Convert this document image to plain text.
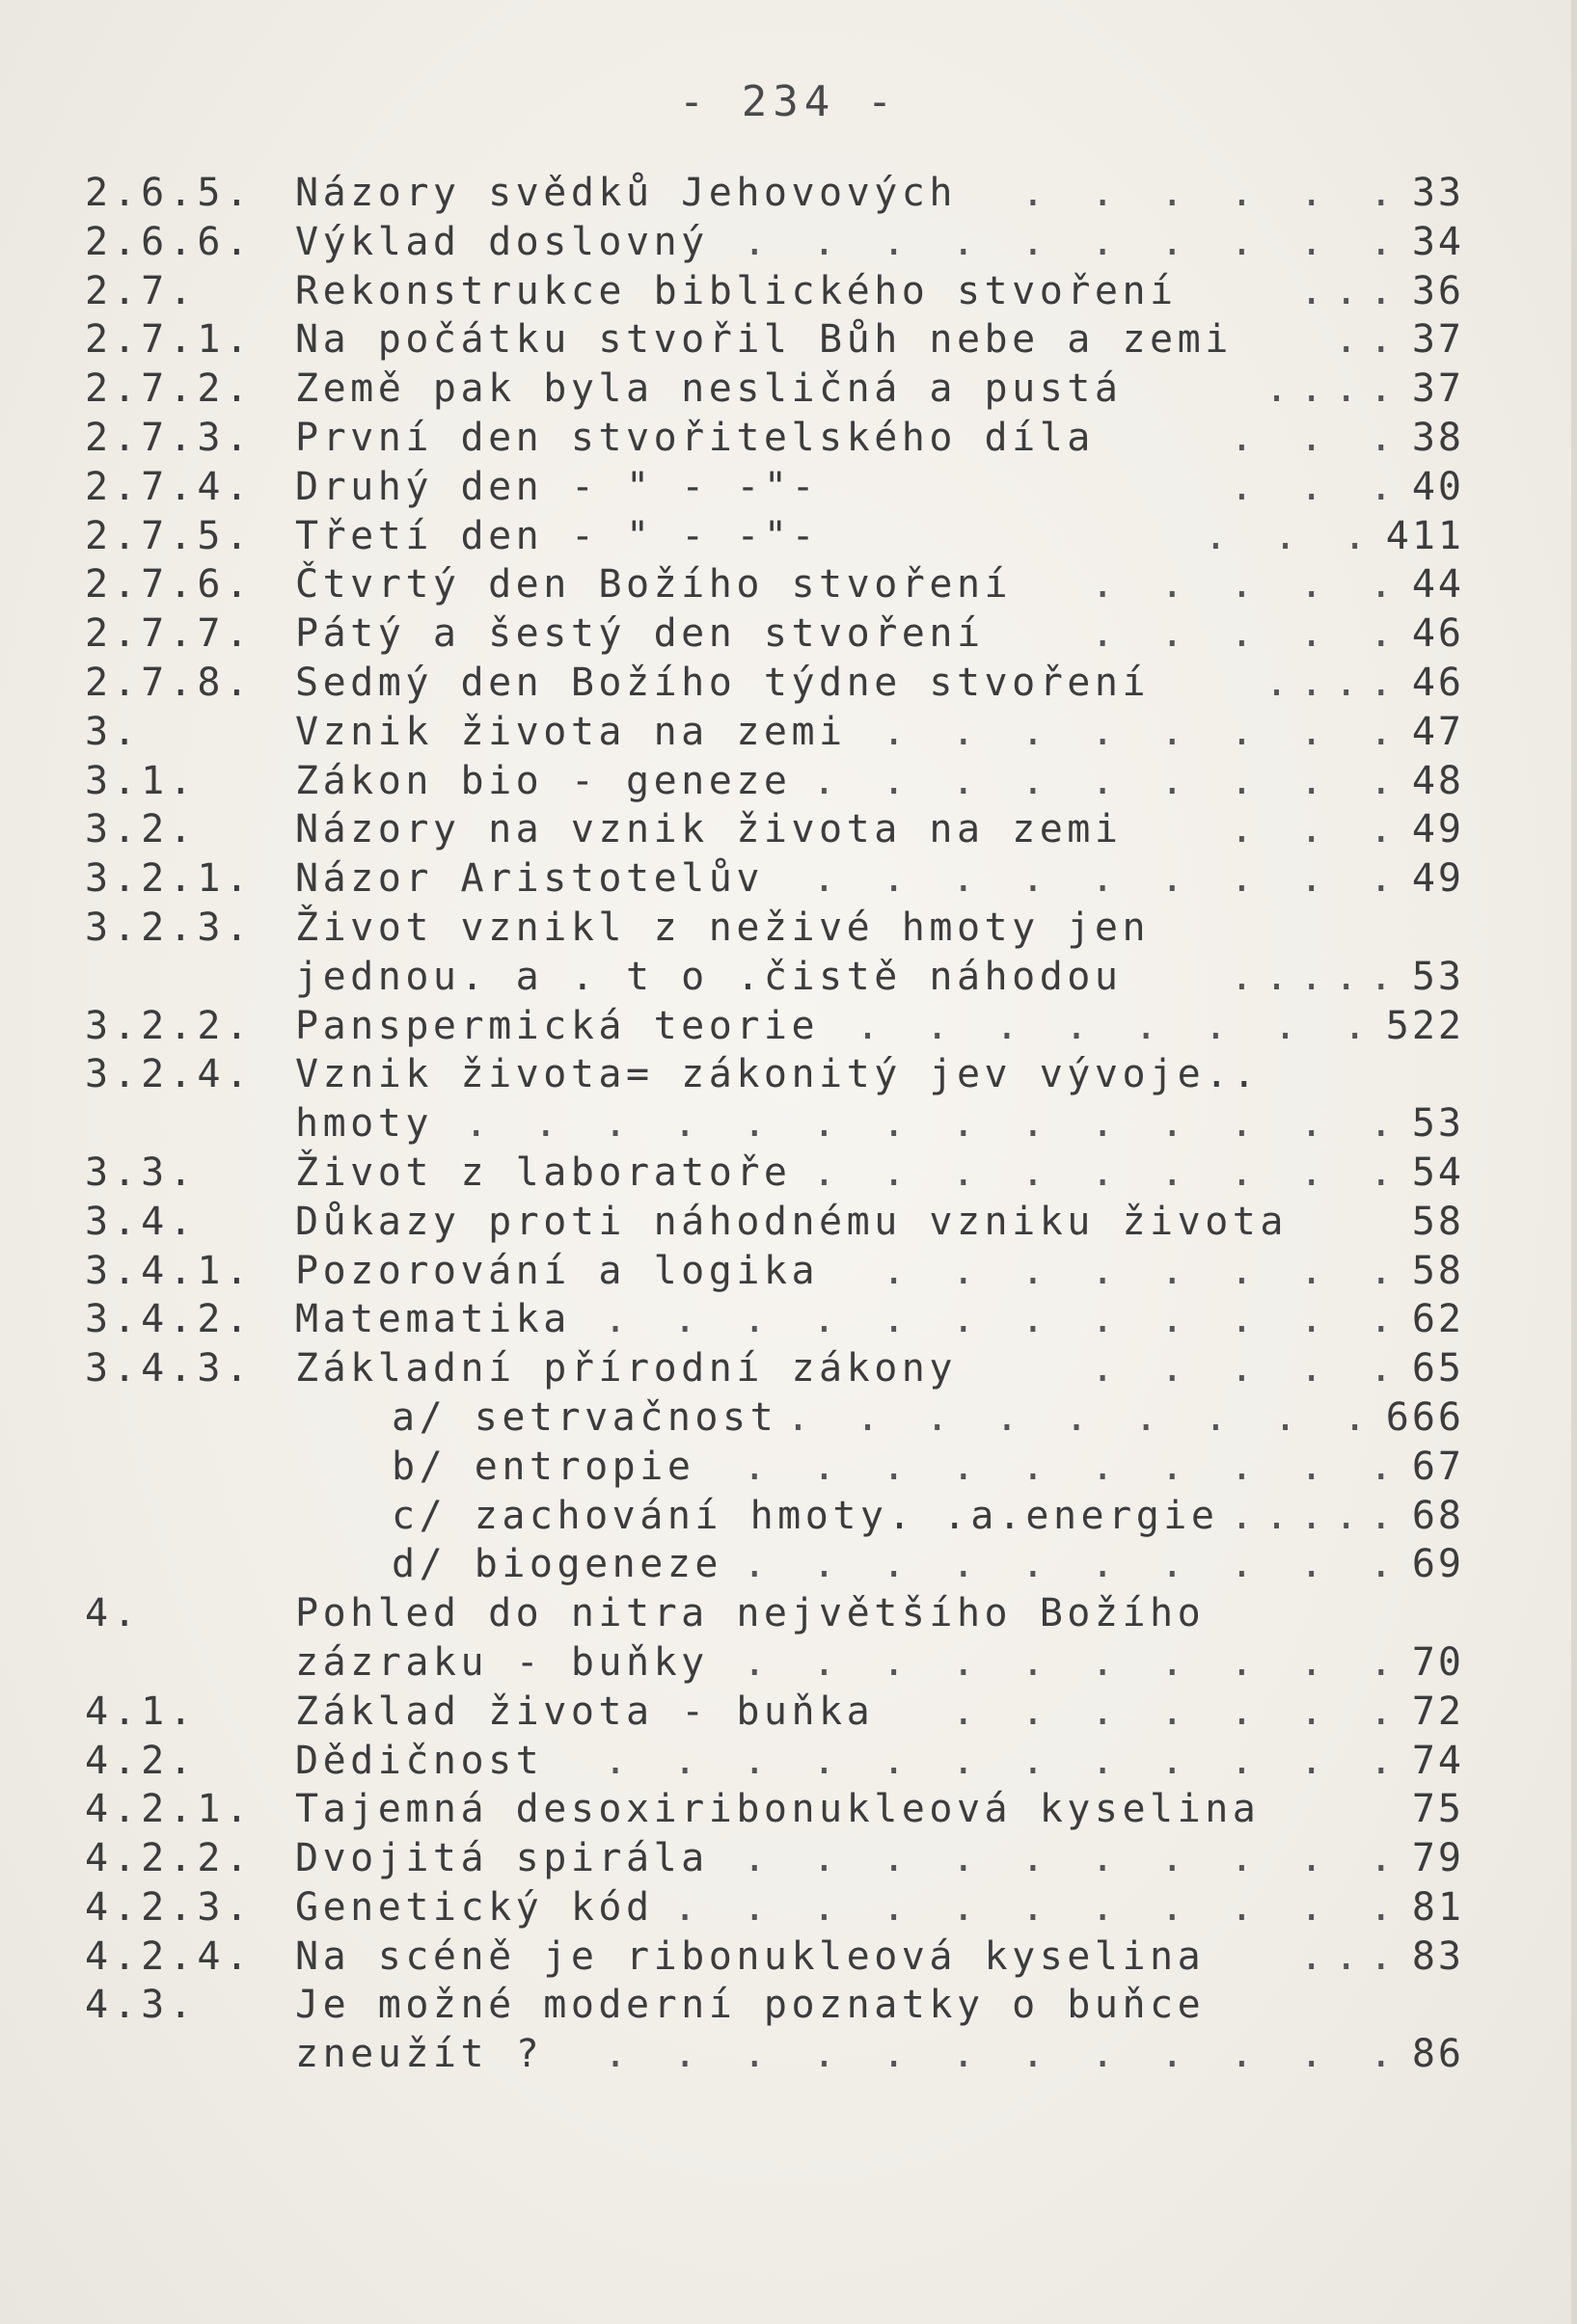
- 234 -
2.6.5. Názory svědků Jehovových . . . . . . 33
2.6.6. Výklad doslovný . . . . . . . . . . 34
2.7.	Rekonstrukce biblického stvoření	... 36
2.7.1. Na počátku stvořil Bůh nebe a zemi	.. 37
2.7.2. Země pak byla nesličná a pustá	.... 37
2.7.3. První den stvořitelského díla	. . . 38
2.7.4. Druhý den - " - -"-	. . . 40
2.7.5. Třetí den - " - -"-	. . . 411
2.7.6. Čtvrtý den Božího stvoření . . . . . 44
2.7.7. Pátý a šestý den stvoření	. . . . . 46
2.7.8. Sedmý den Božího týdne stvoření	.... 46
3.	Vznik života na zemi . . . . . . . . 47
3.1.	Zákon bio - geneze . . . . . . . . . 48
3.2.	Názory na vznik života na zemi	. . . 49
3.2.1. Názor Aristotelův . . . . . . . . . 49
3.2.3. Život vznikl z neživé hmoty jen
jednou. a . t o .čistě náhodou	..... 53
3.2.2. Panspermická teorie . . . . . . . . 522
3.2.4. Vznik života= zákonitý jev vývoje..
hmoty . . . . . . . . . . . . . . 53
3.3.	Život z laboratoře . . . . . . . . . 54
3.4.	Důkazy proti náhodnému vzniku života	58
3.4.1. Pozorování a logika . . . . . . . . 58
3.4.2. Matematika . . . . . . . . . . . . 62
3.4.3. Základní přírodní zákony	. . . . . 65
a/ setrvačnost . . . . . . . . . 666
b/ entropie . . . . . . . . . . 67
c/ zachování hmoty. .a.energie ..... 68
d/ biogeneze . . . . . . . . . . 69
4.	Pohled do nitra největšího Božího
zázraku - buňky . . . . . . . . . . 70
4.1.	Základ života - buňka . . . . . . . 72
4.2.	Dědičnost . . . . . . . . . . . . 74
4.2.1. Tajemná desoxiribonukleová kyselina	75
4.2.2. Dvojitá spirála . . . . . . . . . . 79
4.2.3. Genetický kód . . . . . . . . . . . 81
4.2.4. Na scéně je ribonukleová kyselina ... 83
4.3.	Je možné moderní poznatky o buňce
zneužít ? . . . . . . . . . . . . 86
